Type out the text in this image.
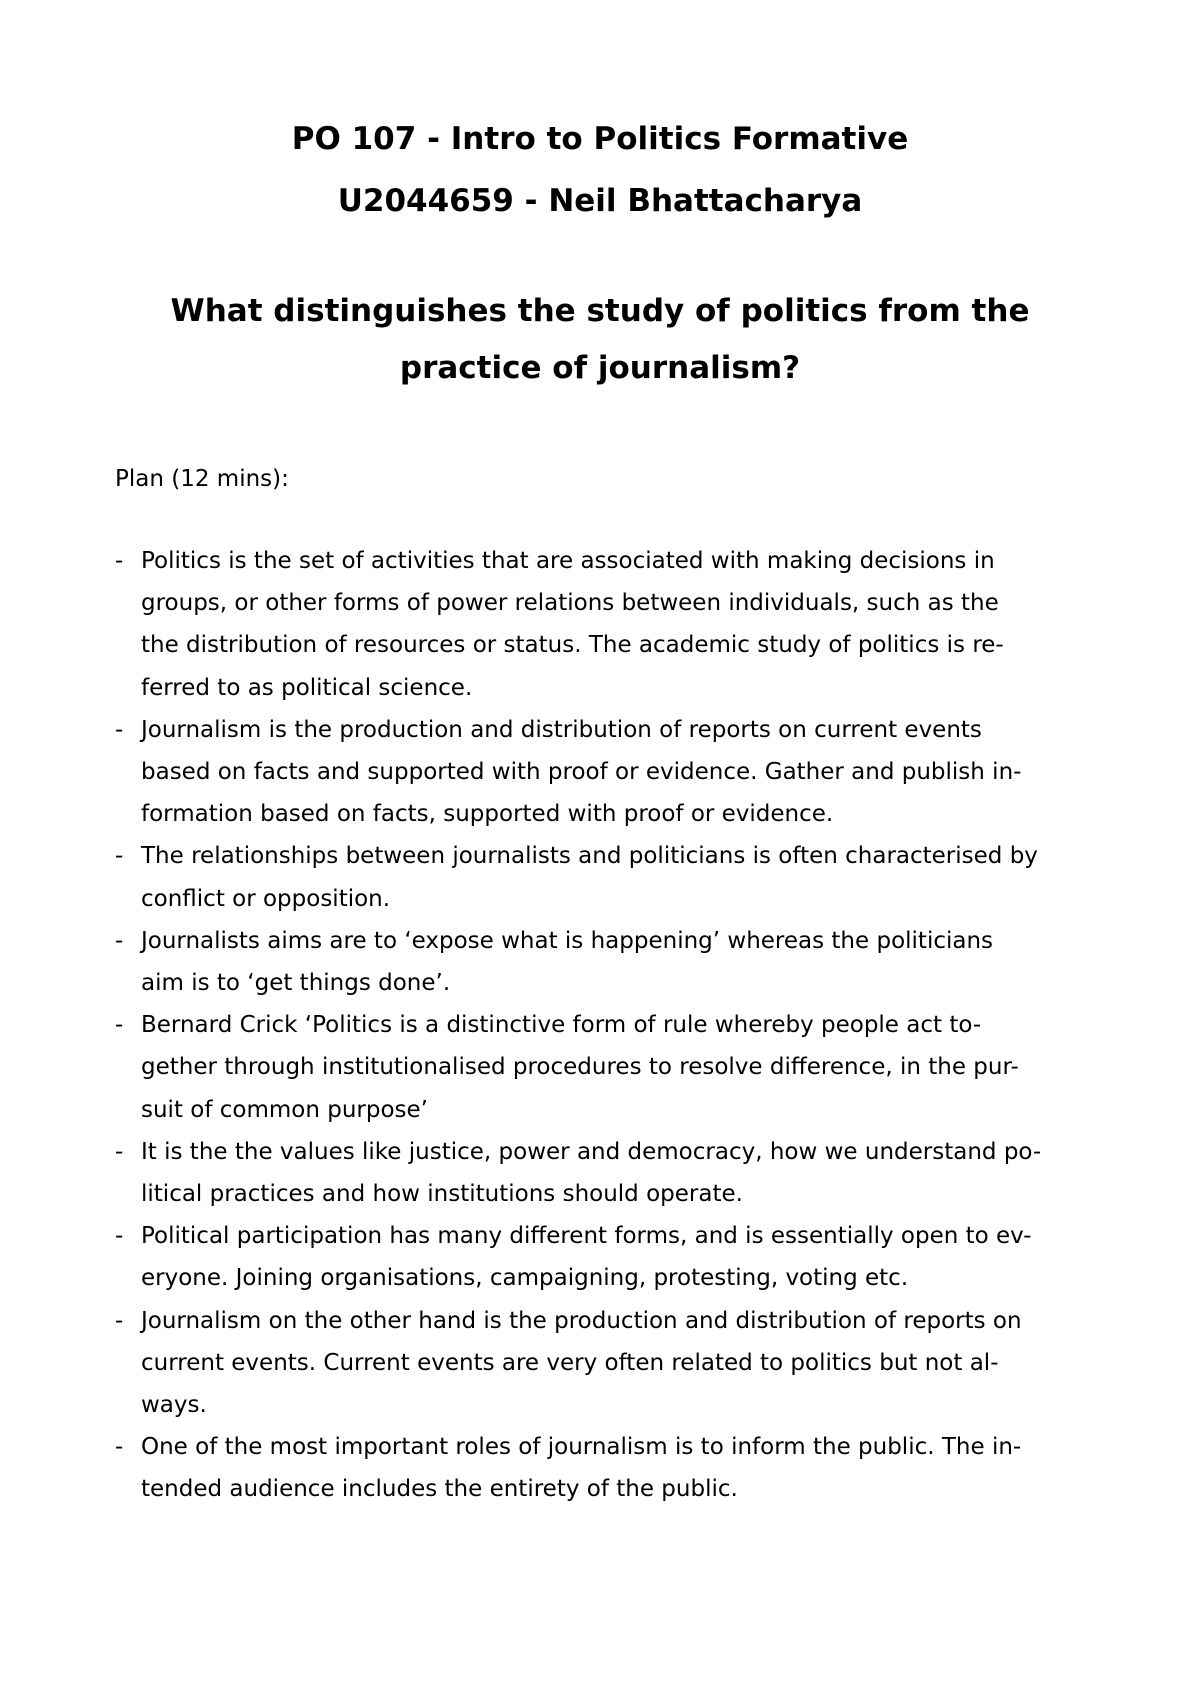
PO 107 - Intro to Politics Formative

U2044659 - Neil Bhattacharya

What distinguishes the study of politics from the
practice of journalism?

Plan (12 mins):

- Politics is the set of activities that are associated with making decisions in
groups, or other forms of power relations between individuals, such as the
the distribution of resources or status. The academic study of politics is re-
ferred to as political science.
- Journalism is the production and distribution of reports on current events
based on facts and supported with proof or evidence. Gather and publish in-
formation based on facts, supported with proof or evidence.
- The relationships between journalists and politicians is often characterised by
conflict or opposition.
- Journalists aims are to ‘expose what is happening’ whereas the politicians
aim is to ‘get things done’.
- Bernard Crick ‘Politics is a distinctive form of rule whereby people act to-
gether through institutionalised procedures to resolve difference, in the pur-
suit of common purpose’
- It is the the values like justice, power and democracy, how we understand po-
litical practices and how institutions should operate.
- Political participation has many different forms, and is essentially open to ev-
eryone. Joining organisations, campaigning, protesting, voting etc.
- Journalism on the other hand is the production and distribution of reports on
current events. Current events are very often related to politics but not al-
ways.
- One of the most important roles of journalism is to inform the public. The in-
tended audience includes the entirety of the public.
